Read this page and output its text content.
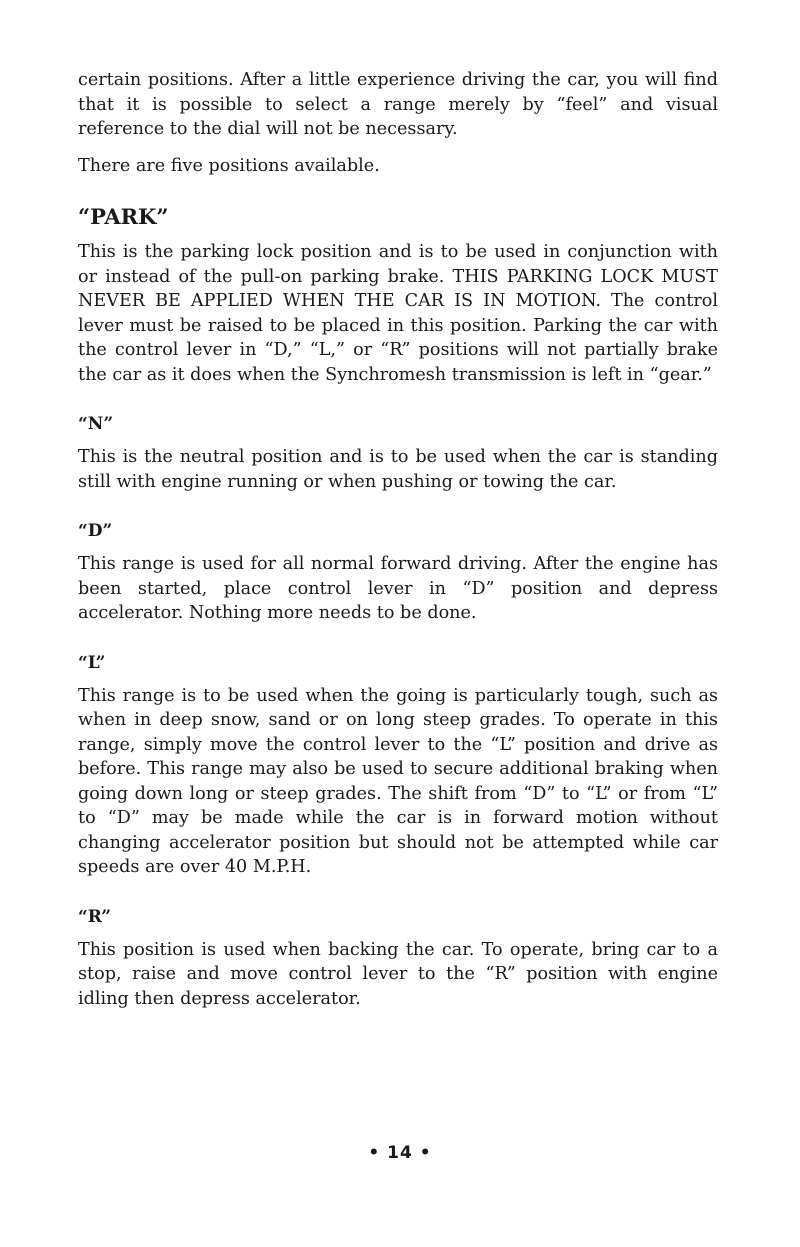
certain positions. After a little experience driving the car, you will find that it is possible to select a range merely by “feel” and visual reference to the dial will not be necessary.

There are five positions available.

“PARK”

This is the parking lock position and is to be used in conjunction with or instead of the pull-on parking brake. THIS PARKING LOCK MUST NEVER BE APPLIED WHEN THE CAR IS IN MOTION. The control lever must be raised to be placed in this position. Parking the car with the control lever in “D,” “L,” or “R” positions will not partially brake the car as it does when the Synchromesh transmission is left in “gear.”

“N”

This is the neutral position and is to be used when the car is standing still with engine running or when pushing or towing the car.

“D”

This range is used for all normal forward driving. After the engine has been started, place control lever in “D” position and depress accelerator. Nothing more needs to be done.

“L”

This range is to be used when the going is particularly tough, such as when in deep snow, sand or on long steep grades. To operate in this range, simply move the control lever to the “L” position and drive as before. This range may also be used to secure additional braking when going down long or steep grades. The shift from “D” to “L” or from “L” to “D” may be made while the car is in forward motion without changing accelerator position but should not be attempted while car speeds are over 40 M.P.H.

“R”

This position is used when backing the car. To operate, bring car to a stop, raise and move control lever to the “R” position with engine idling then depress accelerator.

• 14 •
